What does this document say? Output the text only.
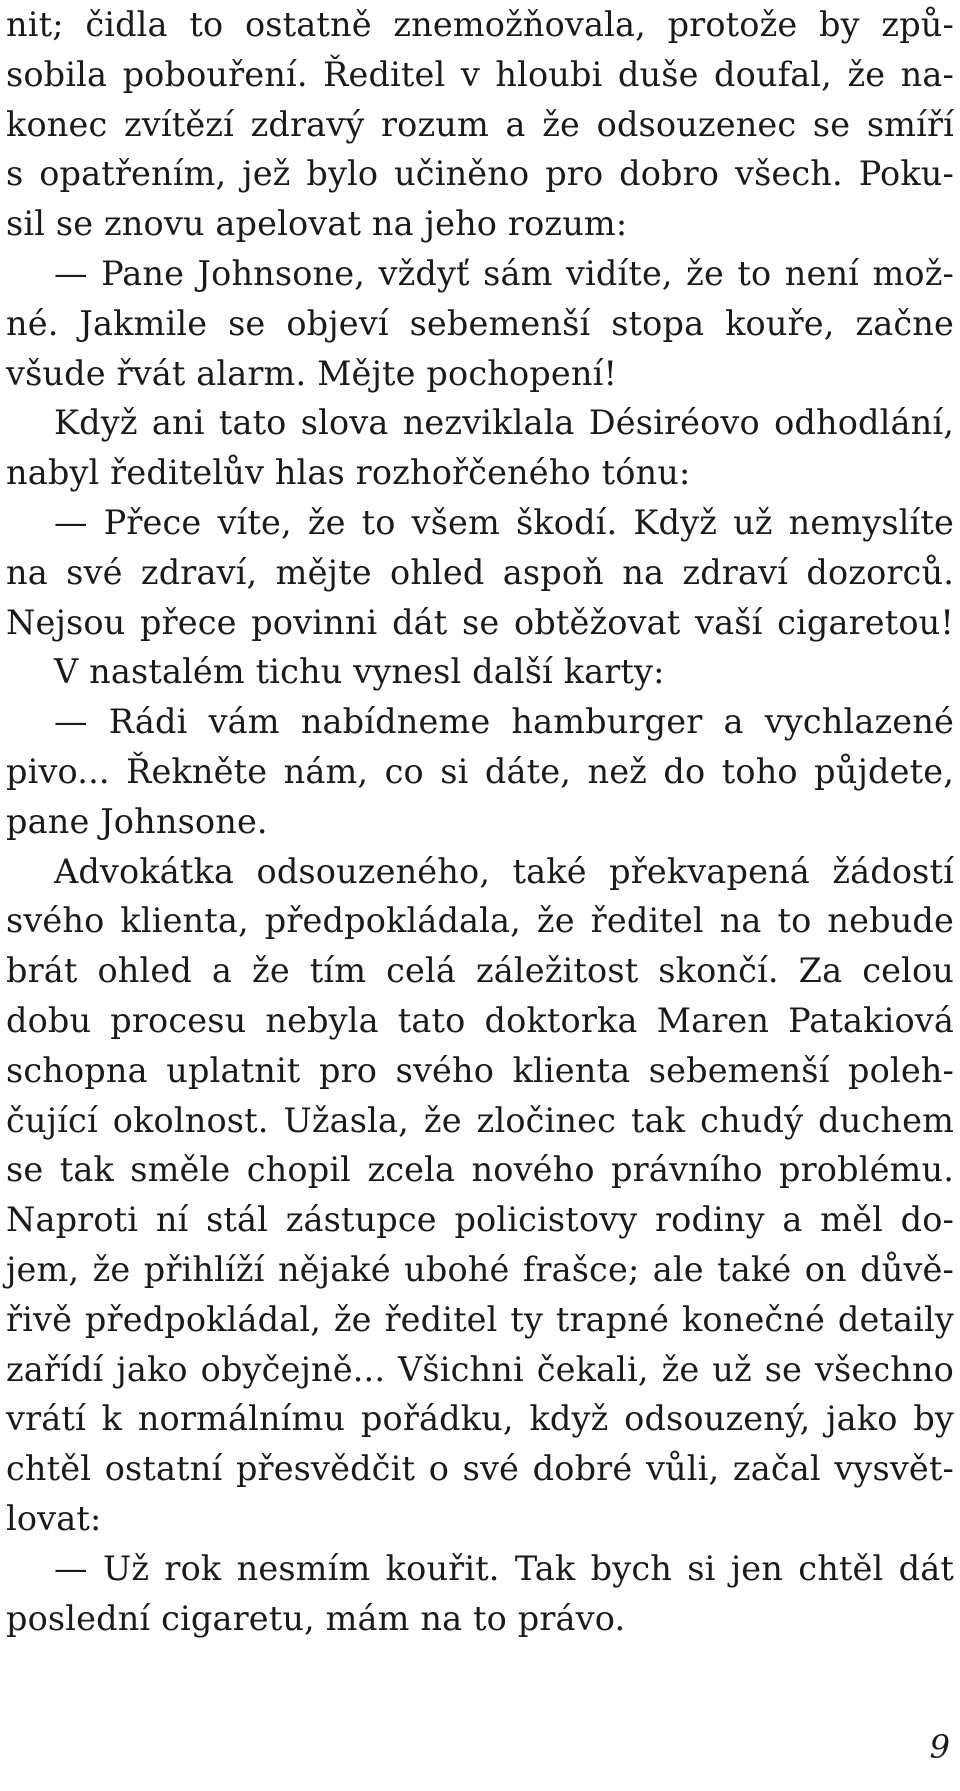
nit; čidla to ostatně znemožňovala, protože by způ-
sobila pobouření. Ředitel v hloubi duše doufal, že na-
konec zvítězí zdravý rozum a že odsouzenec se smíří
s opatřením, jež bylo učiněno pro dobro všech. Poku-
sil se znovu apelovat na jeho rozum:
— Pane Johnsone, vždyť sám vidíte, že to není mož-
né. Jakmile se objeví sebemenší stopa kouře, začne
všude řvát alarm. Mějte pochopení!
Když ani tato slova nezviklala Désiréovo odhodlání,
nabyl ředitelův hlas rozhořčeného tónu:
— Přece víte, že to všem škodí. Když už nemyslíte
na své zdraví, mějte ohled aspoň na zdraví dozorců.
Nejsou přece povinni dát se obtěžovat vaší cigaretou!
V nastalém tichu vynesl další karty:
— Rádi vám nabídneme hamburger a vychlazené
pivo... Řekněte nám, co si dáte, než do toho půjdete,
pane Johnsone.
Advokátka odsouzeného, také překvapená žádostí
svého klienta, předpokládala, že ředitel na to nebude
brát ohled a že tím celá záležitost skončí. Za celou
dobu procesu nebyla tato doktorka Maren Patakiová
schopna uplatnit pro svého klienta sebemenší poleh-
čující okolnost. Užasla, že zločinec tak chudý duchem
se tak směle chopil zcela nového právního problému.
Naproti ní stál zástupce policistovy rodiny a měl do-
jem, že přihlíží nějaké ubohé frašce; ale také on důvě-
řivě předpokládal, že ředitel ty trapné konečné detaily
zařídí jako obyčejně... Všichni čekali, že už se všechno
vrátí k normálnímu pořádku, když odsouzený, jako by
chtěl ostatní přesvědčit o své dobré vůli, začal vysvět-
lovat:
— Už rok nesmím kouřit. Tak bych si jen chtěl dát
poslední cigaretu, mám na to právo.
9
